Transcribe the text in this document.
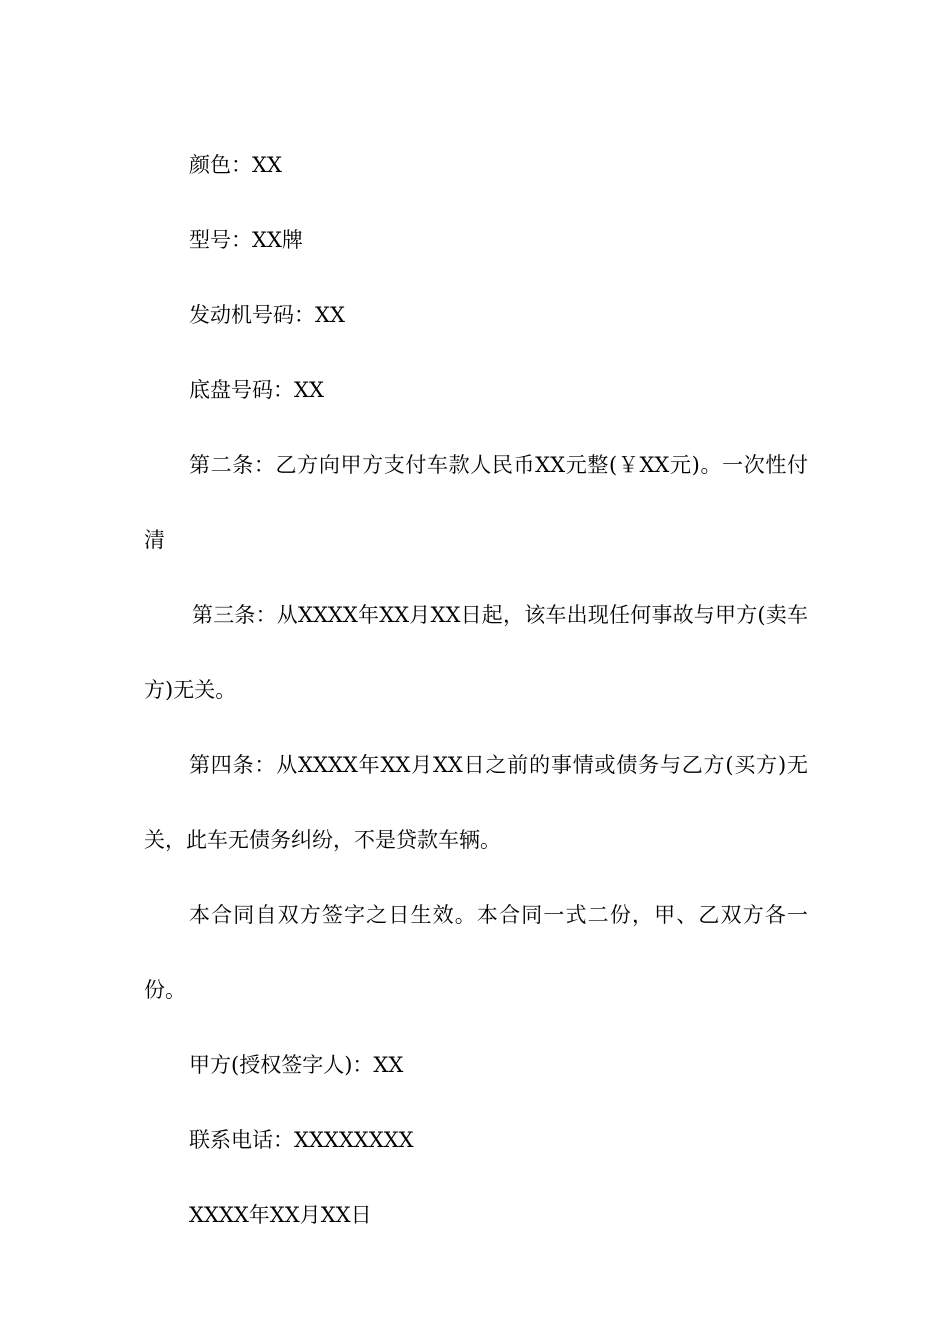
颜色：XX

型号：XX牌

发动机号码：XX

底盘号码：XX

第二条：乙方向甲方支付车款人民币XX元整(￥XX元)。一次性付清

第三条：从XXXX年XX月XX日起，该车出现任何事故与甲方(卖车方)无关。

第四条：从XXXX年XX月XX日之前的事情或债务与乙方(买方)无关，此车无债务纠纷，不是贷款车辆。

本合同自双方签字之日生效。本合同一式二份，甲、乙双方各一份。

甲方(授权签字人)：XX

联系电话：XXXXXXXX

XXXX年XX月XX日
